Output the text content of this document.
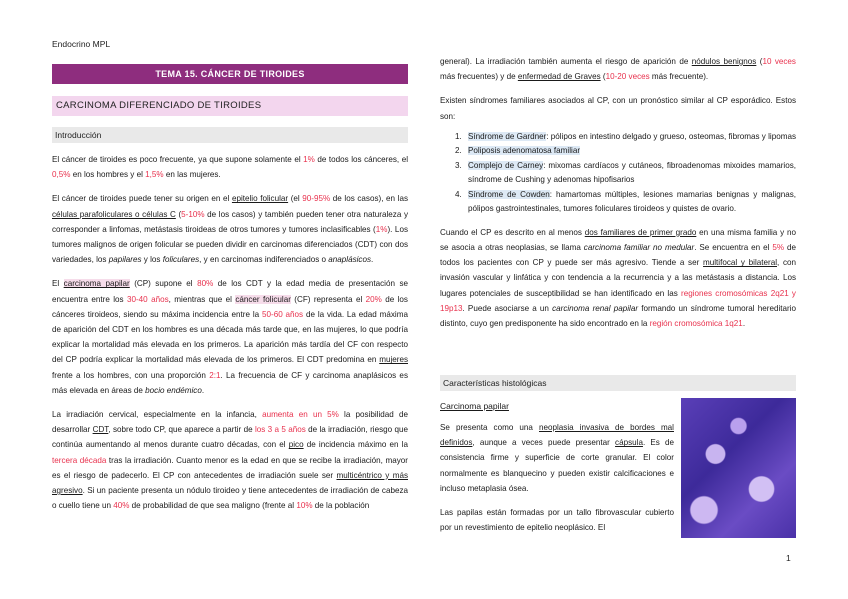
Endocrino MPL
TEMA 15. CÁNCER DE TIROIDES
CARCINOMA DIFERENCIADO DE TIROIDES
Introducción

El cáncer de tiroides es poco frecuente, ya que supone solamente el 1% de todos los cánceres, el 0,5% en los hombres y el 1,5% en las mujeres.

El cáncer de tiroides puede tener su origen en el epitelio folicular (el 90-95% de los casos), en las células parafoliculares o células C (5-10% de los casos) y también pueden tener otra naturaleza y corresponder a linfomas, metástasis tiroideas de otros tumores y tumores inclasificables (1%). Los tumores malignos de origen folicular se pueden dividir en carcinomas diferenciados (CDT) con dos variedades, los papilares y los foliculares, y en carcinomas indiferenciados o anaplásicos.

El carcinoma papilar (CP) supone el 80% de los CDT y la edad media de presentación se encuentra entre los 30-40 años, mientras que el cáncer folicular (CF) representa el 20% de los cánceres tiroideos, siendo su máxima incidencia entre la 50-60 años de la vida. La edad máxima de aparición del CDT en los hombres es una década más tarde que, en las mujeres, lo que podría explicar la mortalidad más elevada en los primeros. La aparición más tardía del CF con respecto del CP podría explicar la mortalidad más elevada de los primeros. El CDT predomina en mujeres frente a los hombres, con una proporción 2:1. La frecuencia de CF y carcinoma anaplásicos es más elevada en áreas de bocio endémico.

La irradiación cervical, especialmente en la infancia, aumenta en un 5% la posibilidad de desarrollar CDT, sobre todo CP, que aparece a partir de los 3 a 5 años de la irradiación, riesgo que continúa aumentando al menos durante cuatro décadas, con el pico de incidencia máximo en la tercera década tras la irradiación. Cuanto menor es la edad en que se recibe la irradiación, mayor es el riesgo de padecerlo. El CP con antecedentes de irradiación suele ser multicéntrico y más agresivo. Si un paciente presenta un nódulo tiroideo y tiene antecedentes de irradiación de cabeza o cuello tiene un 40% de probabilidad de que sea maligno (frente al 10% de la población

general). La irradiación también aumenta el riesgo de aparición de nódulos benignos (10 veces más frecuentes) y de enfermedad de Graves (10-20 veces más frecuente).

Existen síndromes familiares asociados al CP, con un pronóstico similar al CP esporádico. Estos son:

1. Síndrome de Gardner: pólipos en intestino delgado y grueso, osteomas, fibromas y lipomas
2. Poliposis adenomatosa familiar
3. Complejo de Carney: mixomas cardíacos y cutáneos, fibroadenomas mixoides mamarios, síndrome de Cushing y adenomas hipofisarios
4. Síndrome de Cowden: hamartomas múltiples, lesiones mamarias benignas y malignas, pólipos gastrointestinales, tumores foliculares tiroideos y quistes de ovario.

Cuando el CP es descrito en al menos dos familiares de primer grado en una misma familia y no se asocia a otras neoplasias, se llama carcinoma familiar no medular. Se encuentra en el 5% de todos los pacientes con CP y puede ser más agresivo. Tiende a ser multifocal y bilateral, con invasión vascular y linfática y con tendencia a la recurrencia y a las metástasis a distancia. Los lugares potenciales de susceptibilidad se han identificado en las regiones cromosómicas 2q21 y 19p13. Puede asociarse a un carcinoma renal papilar formando un síndrome tumoral hereditario distinto, cuyo gen predisponente ha sido encontrado en la región cromosómica 1q21.

Características histológicas
Carcinoma papilar

Se presenta como una neoplasia invasiva de bordes mal definidos, aunque a veces puede presentar cápsula. Es de consistencia firme y superficie de corte granular. El color normalmente es blanquecino y pueden existir calcificaciones e incluso metaplasia ósea.

Las papilas están formadas por un tallo fibrovascular cubierto por un revestimiento de epitelio neoplásico. El

1
